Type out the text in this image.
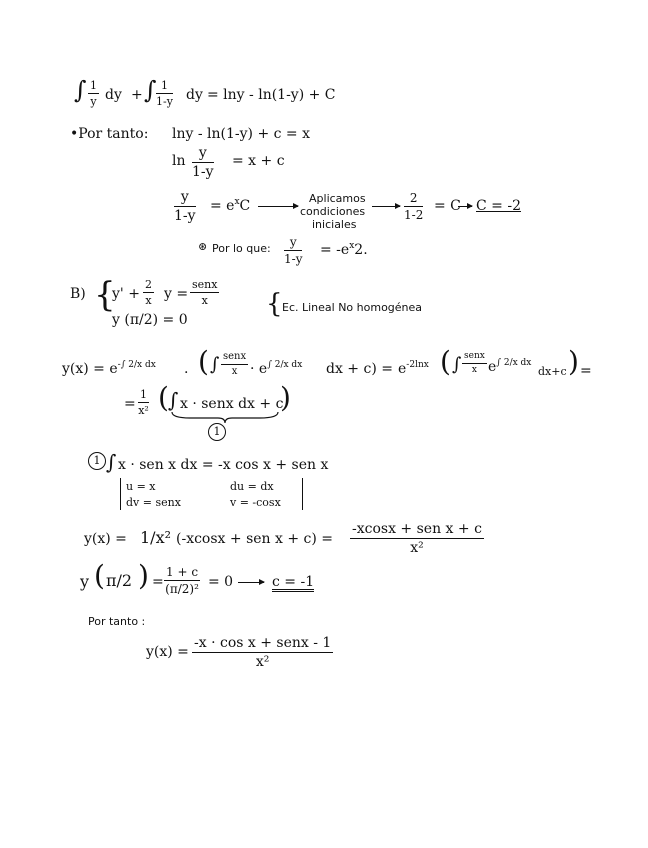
∫ 1
y dy + ∫ 1
1-y dy = lny - ln(1-y) + C
•Por tanto: lny - ln(1-y) + c = x
ln y
1-y
= x + c
y
1-y
= $e^xC$	Aplicamos
condiciones
iniciales
2
1-2
= C C = -2
⊛ Por lo que:	y
1-y
= $-e^x2$.
B) {
y' +
2
x y =
senx
x
y (π/2) = 0
{ Ec. Lineal No homogénea
$y(x) = e^{-\int 2/x dx}$ . ( ∫ senx
$x \cdot e^{\int 2/x dx}$ dx + $c) = e^{-2lnx}$ ( ∫ senx
x $e^{\int 2/x dx}$
dx+c ) =
=
1
x² ( ∫ x · senx dx + c
)
1
1 ∫ x · sen x dx = -x cos x + sen x
u = x	du = dx
dv = senx	v = -cosx
y(x) = 1/x² (-xcosx + sen x + c) =
-xcosx + sen x + c
x²
y ( π/2 ) =
1 + c
(π/2)² = 0	c = -1
Por tanto :
y(x) =
-x · cos x + senx - 1
x²
